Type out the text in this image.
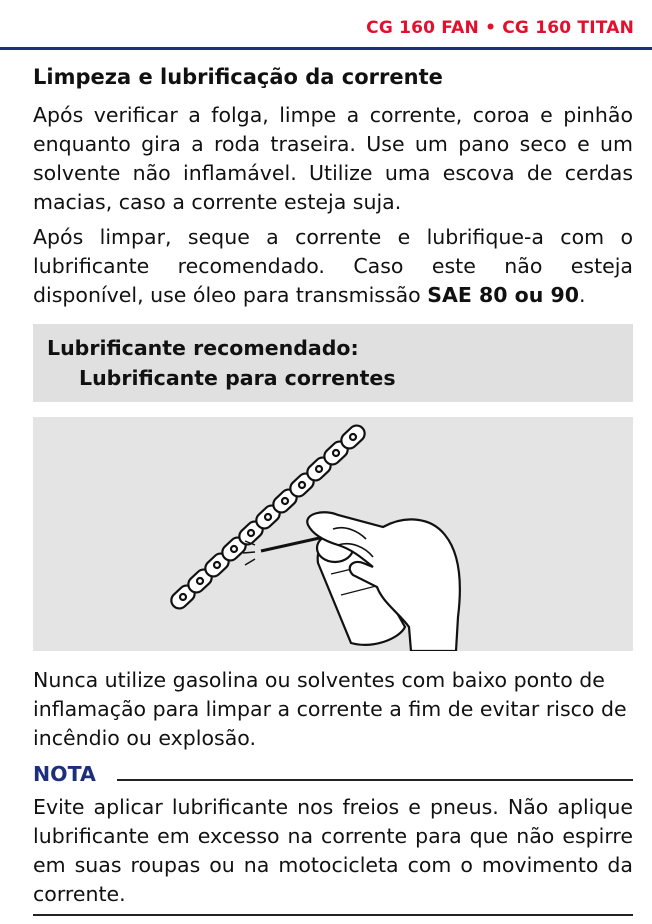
CG 160 FAN • CG 160 TITAN
Limpeza e lubrificação da corrente

Após verificar a folga, limpe a corrente, coroa e pinhão enquanto gira a roda traseira. Use um pano seco e um solvente não inflamável. Utilize uma escova de cerdas macias, caso a corrente esteja suja.

Após limpar, seque a corrente e lubrifique-a com o lubrificante recomendado. Caso este não esteja disponível, use óleo para transmissão SAE 80 ou 90.

Lubrificante recomendado:
Lubrificante para correntes

Nunca utilize gasolina ou solventes com baixo ponto de inflamação para limpar a corrente a fim de evitar risco de incêndio ou explosão.

NOTA

Evite aplicar lubrificante nos freios e pneus. Não aplique lubrificante em excesso na corrente para que não espirre em suas roupas ou na motocicleta com o movimento da corrente.
